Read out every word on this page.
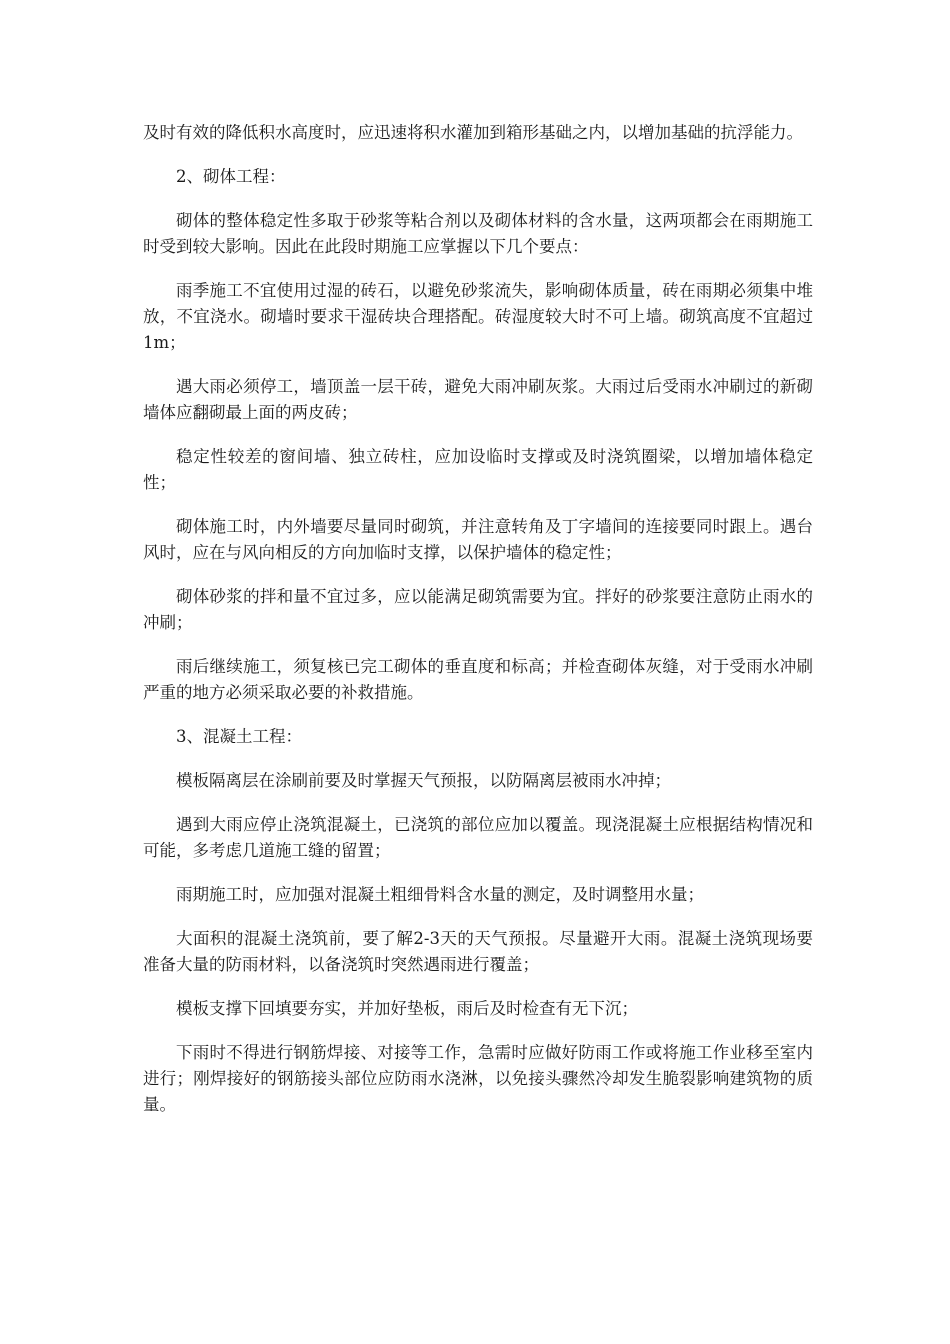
及时有效的降低积水高度时，应迅速将积水灌加到箱形基础之内，以增加基础的抗浮能力。

2、砌体工程：

砌体的整体稳定性多取于砂浆等粘合剂以及砌体材料的含水量，这两项都会在雨期施工时受到较大影响。因此在此段时期施工应掌握以下几个要点：

雨季施工不宜使用过湿的砖石，以避免砂浆流失，影响砌体质量，砖在雨期必须集中堆放，不宜浇水。砌墙时要求干湿砖块合理搭配。砖湿度较大时不可上墙。砌筑高度不宜超过1m；

遇大雨必须停工，墙顶盖一层干砖，避免大雨冲刷灰浆。大雨过后受雨水冲刷过的新砌墙体应翻砌最上面的两皮砖；

稳定性较差的窗间墙、独立砖柱，应加设临时支撑或及时浇筑圈梁，以增加墙体稳定性；

砌体施工时，内外墙要尽量同时砌筑，并注意转角及丁字墙间的连接要同时跟上。遇台风时，应在与风向相反的方向加临时支撑，以保护墙体的稳定性；

砌体砂浆的拌和量不宜过多，应以能满足砌筑需要为宜。拌好的砂浆要注意防止雨水的冲刷；

雨后继续施工，须复核已完工砌体的垂直度和标高；并检查砌体灰缝，对于受雨水冲刷严重的地方必须采取必要的补救措施。

3、混凝土工程：

模板隔离层在涂刷前要及时掌握天气预报，以防隔离层被雨水冲掉；

遇到大雨应停止浇筑混凝土，已浇筑的部位应加以覆盖。现浇混凝土应根据结构情况和可能，多考虑几道施工缝的留置；

雨期施工时，应加强对混凝土粗细骨料含水量的测定，及时调整用水量；

大面积的混凝土浇筑前，要了解2-3天的天气预报。尽量避开大雨。混凝土浇筑现场要准备大量的防雨材料，以备浇筑时突然遇雨进行覆盖；

模板支撑下回填要夯实，并加好垫板，雨后及时检查有无下沉；

下雨时不得进行钢筋焊接、对接等工作，急需时应做好防雨工作或将施工作业移至室内进行；刚焊接好的钢筋接头部位应防雨水浇淋，以免接头骤然冷却发生脆裂影响建筑物的质量。
